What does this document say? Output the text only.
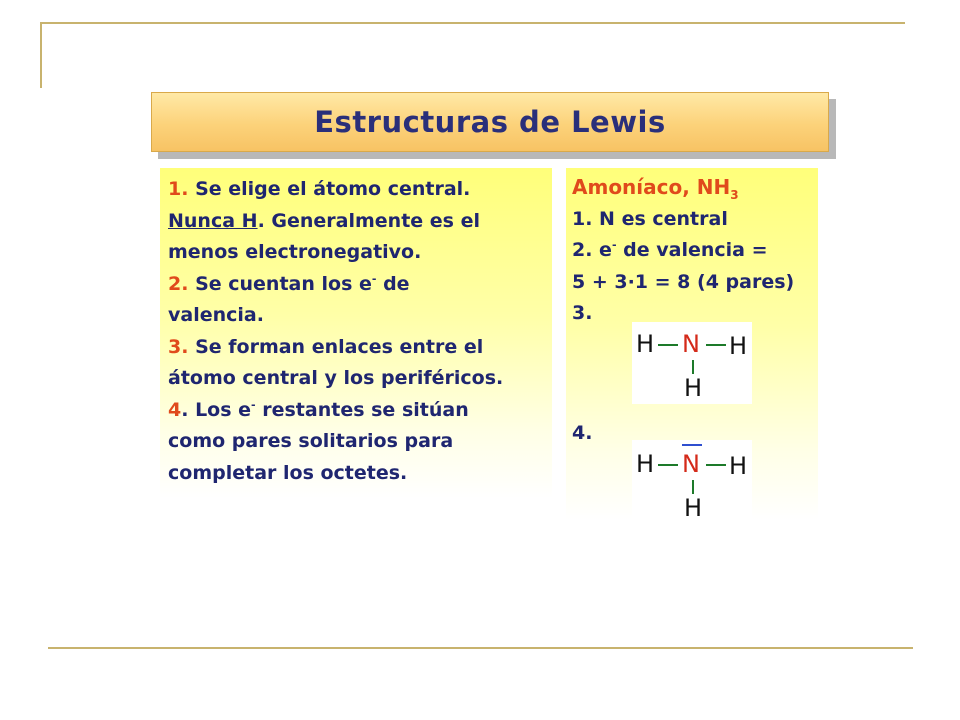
Estructuras de Lewis
1. Se elige el átomo central.
Nunca H. Generalmente es el
menos electronegativo.
2. Se cuentan los e- de
valencia.
3. Se forman enlaces entre el
átomo central y los periféricos.
4. Los e- restantes se sitúan
como pares solitarios para
completar los octetes.
Amoníaco, $NH_3$
1. N es central
2. e- de valencia =
5 + 3·1 = 8 (4 pares)
3.
4.
H N H
H
H N H
H
